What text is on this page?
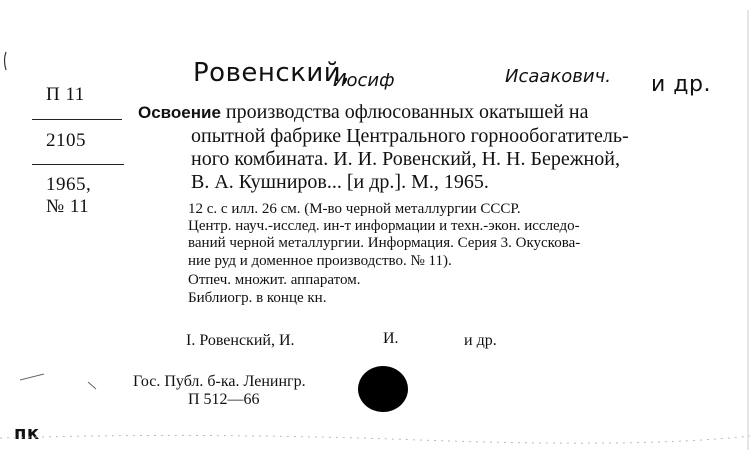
Ровенский,
Иосиф	Исаакович. и др.
П 11
2105
1965,
№ 11
Освоение производства офлюсованных окатышей на
опытной фабрике Центрального горнообогатитель-
ного комбината. И. И. Ровенский, Н. Н. Бережной,
В. А. Кушниров... [и др.]. М., 1965.
12 с. с илл. 26 см. (М-во черной металлургии СССР.
Центр. науч.-исслед. ин-т информации и техн.-экон. исследо-
ваний черной металлургии. Информация. Серия 3. Окускова-
ние руд и доменное производство. № 11).
Отпеч. множит. аппаратом.
Библиогр. в конце кн.
I. Ровенский, И.	И.	и др.
Гос. Публ. б-ка. Ленингр.
П 512—66
пк
